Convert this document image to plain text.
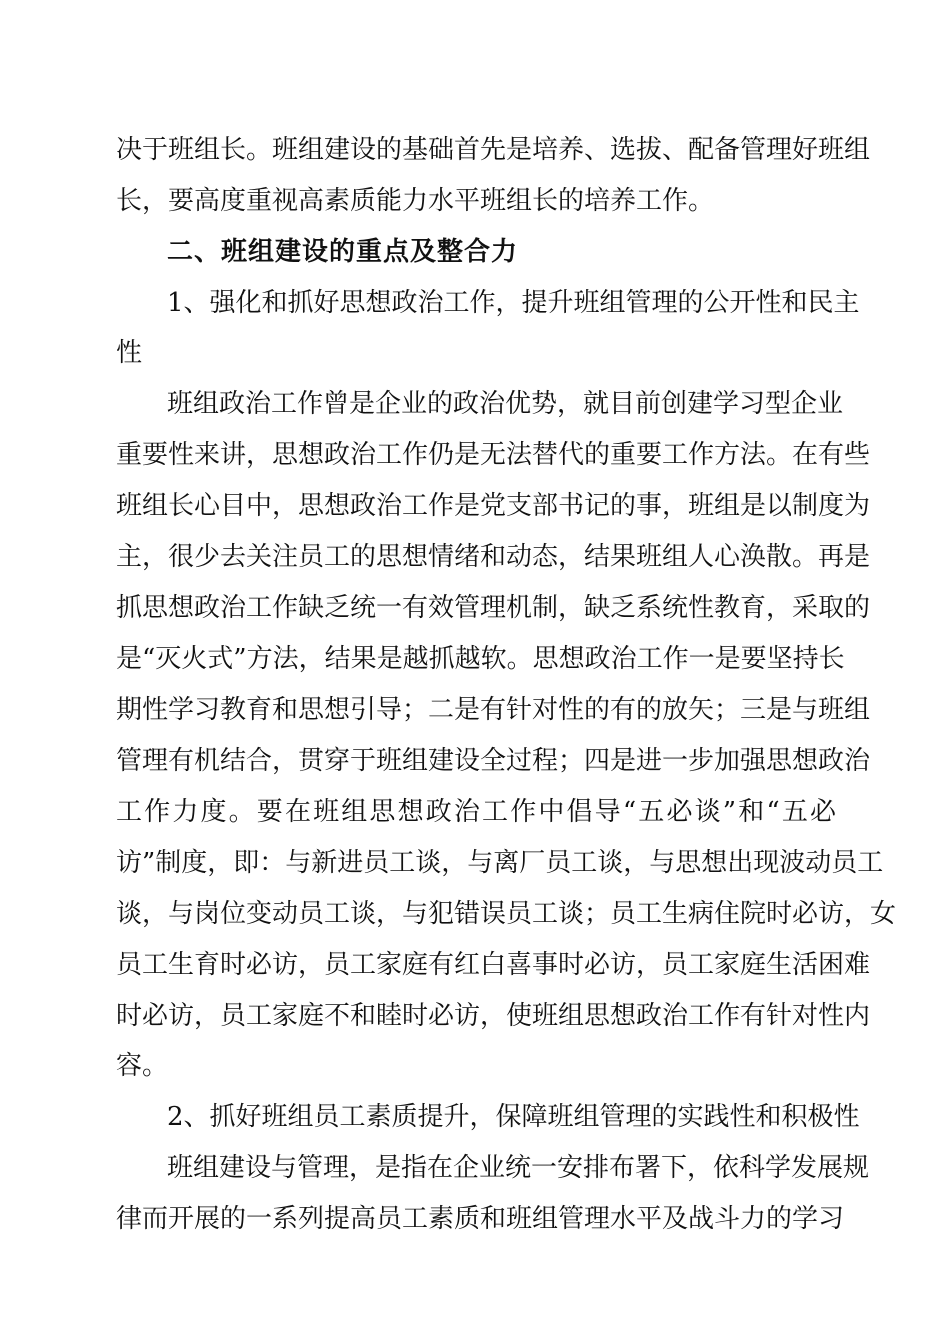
决于班组长。班组建设的基础首先是培养、选拔、配备管理好班组
长，要高度重视高素质能力水平班组长的培养工作。
二、班组建设的重点及整合力
1、强化和抓好思想政治工作，提升班组管理的公开性和民主
性
班组政治工作曾是企业的政治优势，就目前创建学习型企业
重要性来讲，思想政治工作仍是无法替代的重要工作方法。在有些
班组长心目中，思想政治工作是党支部书记的事，班组是以制度为
主，很少去关注员工的思想情绪和动态，结果班组人心涣散。再是
抓思想政治工作缺乏统一有效管理机制，缺乏系统性教育，采取的
是“灭火式”方法，结果是越抓越软。思想政治工作一是要坚持长
期性学习教育和思想引导；二是有针对性的有的放矢；三是与班组
管理有机结合，贯穿于班组建设全过程；四是进一步加强思想政治
工作力度。要在班组思想政治工作中倡导“五必谈”和“五必
访”制度，即：与新进员工谈，与离厂员工谈，与思想出现波动员工
谈，与岗位变动员工谈，与犯错误员工谈；员工生病住院时必访，女
员工生育时必访，员工家庭有红白喜事时必访，员工家庭生活困难
时必访，员工家庭不和睦时必访，使班组思想政治工作有针对性内
容。
2、抓好班组员工素质提升，保障班组管理的实践性和积极性
班组建设与管理，是指在企业统一安排布署下，依科学发展规
律而开展的一系列提高员工素质和班组管理水平及战斗力的学习
